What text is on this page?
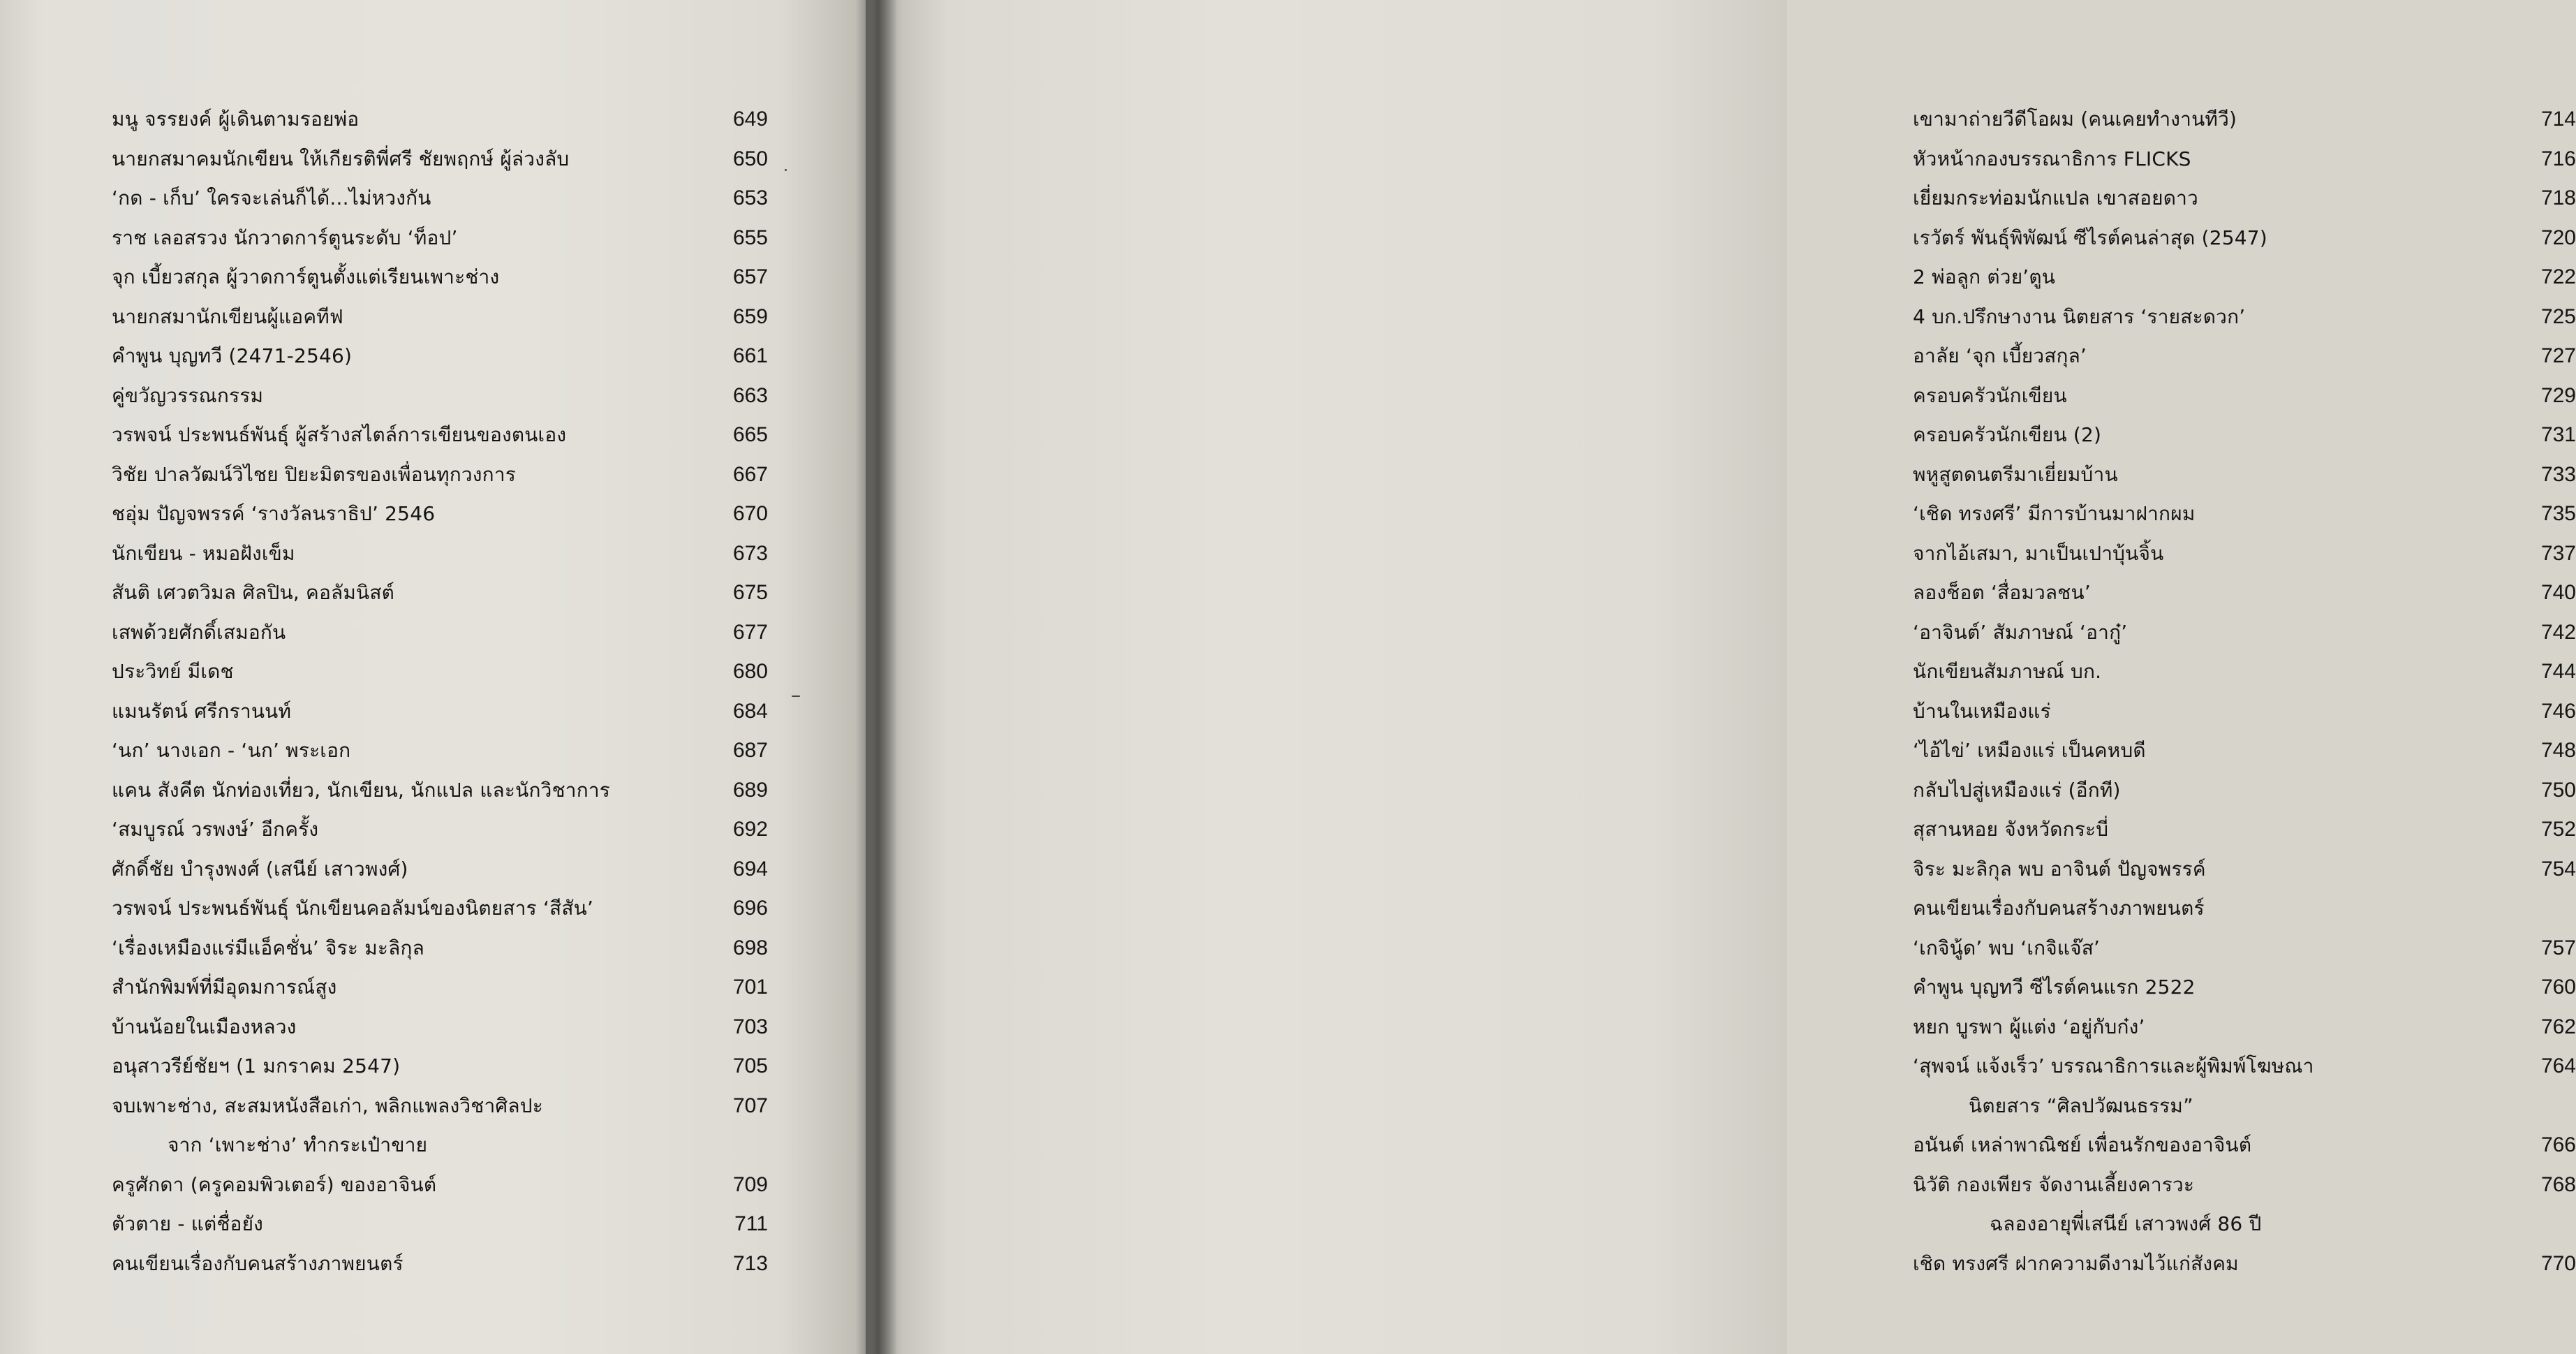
มนู จรรยงค์ ผู้เดินตามรอยพ่อ	649
นายกสมาคมนักเขียน ให้เกียรติพี่ศรี ชัยพฤกษ์ ผู้ล่วงลับ	650
‘กด - เก็บ’ ใครจะเล่นก็ได้...ไม่หวงกัน	653
ราช เลอสรวง นักวาดการ์ตูนระดับ ‘ท็อป’	655
จุก เบี้ยวสกุล ผู้วาดการ์ตูนตั้งแต่เรียนเพาะช่าง	657
นายกสมานักเขียนผู้แอคทีฟ	659
คำพูน บุญทวี (2471-2546)	661
คู่ขวัญวรรณกรรม	663
วรพจน์ ประพนธ์พันธุ์ ผู้สร้างสไตล์การเขียนของตนเอง	665
วิชัย ปาลวัฒน์วิไชย ปิยะมิตรของเพื่อนทุกวงการ	667
ชอุ่ม ปัญจพรรค์ ‘รางวัลนราธิป’ 2546	670
นักเขียน - หมอฝังเข็ม	673
สันติ เศวตวิมล ศิลปิน, คอลัมนิสต์	675
เสพด้วยศักดิ์เสมอกัน	677
ประวิทย์ มีเดช	680
แมนรัตน์ ศรีกรานนท์	684
‘นก’ นางเอก - ‘นก’ พระเอก	687
แคน สังคีต นักท่องเที่ยว, นักเขียน, นักแปล และนักวิชาการ	689
‘สมบูรณ์ วรพงษ์’ อีกครั้ง	692
ศักดิ์ชัย บำรุงพงศ์ (เสนีย์ เสาวพงศ์)	694
วรพจน์ ประพนธ์พันธุ์ นักเขียนคอลัมน์ของนิตยสาร ‘สีสัน’	696
‘เรื่องเหมืองแร่มีแอ็คชั่น’ จิระ มะลิกุล	698
สำนักพิมพ์ที่มีอุดมการณ์สูง	701
บ้านน้อยในเมืองหลวง	703
อนุสาวรีย์ชัยฯ (1 มกราคม 2547)	705
จบเพาะช่าง, สะสมหนังสือเก่า, พลิกแพลงวิชาศิลปะ	707
จาก ‘เพาะช่าง’ ทำกระเป๋าขาย
ครูศักดา (ครูคอมพิวเตอร์) ของอาจินต์	709
ตัวตาย - แต่ชื่อยัง	711
คนเขียนเรื่องกับคนสร้างภาพยนตร์	713
เขามาถ่ายวีดีโอผม (คนเคยทำงานทีวี)	714
หัวหน้ากองบรรณาธิการ FLICKS	716
เยี่ยมกระท่อมนักแปล เขาสอยดาว	718
เรวัตร์ พันธุ์พิพัฒน์ ซีไรต์คนล่าสุด (2547)	720
2 พ่อลูก ต่วย’ตูน	722
4 บก.ปรึกษางาน นิตยสาร ‘รายสะดวก’	725
อาลัย ‘จุก เบี้ยวสกุล’	727
ครอบครัวนักเขียน	729
ครอบครัวนักเขียน (2)	731
พหูสูตดนตรีมาเยี่ยมบ้าน	733
‘เชิด ทรงศรี’ มีการบ้านมาฝากผม	735
จากไอ้เสมา, มาเป็นเปาบุ้นจิ้น	737
ลองช็อต ‘สื่อมวลชน’	740
‘อาจินต์’ สัมภาษณ์ ‘อากู๋’	742
นักเขียนสัมภาษณ์ บก.	744
บ้านในเหมืองแร่	746
‘ไอ้ไข่’ เหมืองแร่ เป็นคหบดี	748
กลับไปสู่เหมืองแร่ (อีกที)	750
สุสานหอย จังหวัดกระบี่	752
จิระ มะลิกุล พบ อาจินต์ ปัญจพรรค์	754
คนเขียนเรื่องกับคนสร้างภาพยนตร์
‘เกจินู้ด’ พบ ‘เกจิแจ๊ส’	757
คำพูน บุญทวี ซีไรต์คนแรก 2522	760
หยก บูรพา ผู้แต่ง ‘อยู่กับก๋ง’	762
‘สุพจน์ แจ้งเร็ว’ บรรณาธิการและผู้พิมพ์โฆษณา	764
นิตยสาร “ศิลปวัฒนธรรม”
อนันต์ เหล่าพาณิชย์ เพื่อนรักของอาจินต์	766
นิวัติ กองเพียร จัดงานเลี้ยงคารวะ	768
ฉลองอายุพี่เสนีย์ เสาวพงศ์ 86 ปี
เชิด ทรงศรี ฝากความดีงามไว้แก่สังคม	770
